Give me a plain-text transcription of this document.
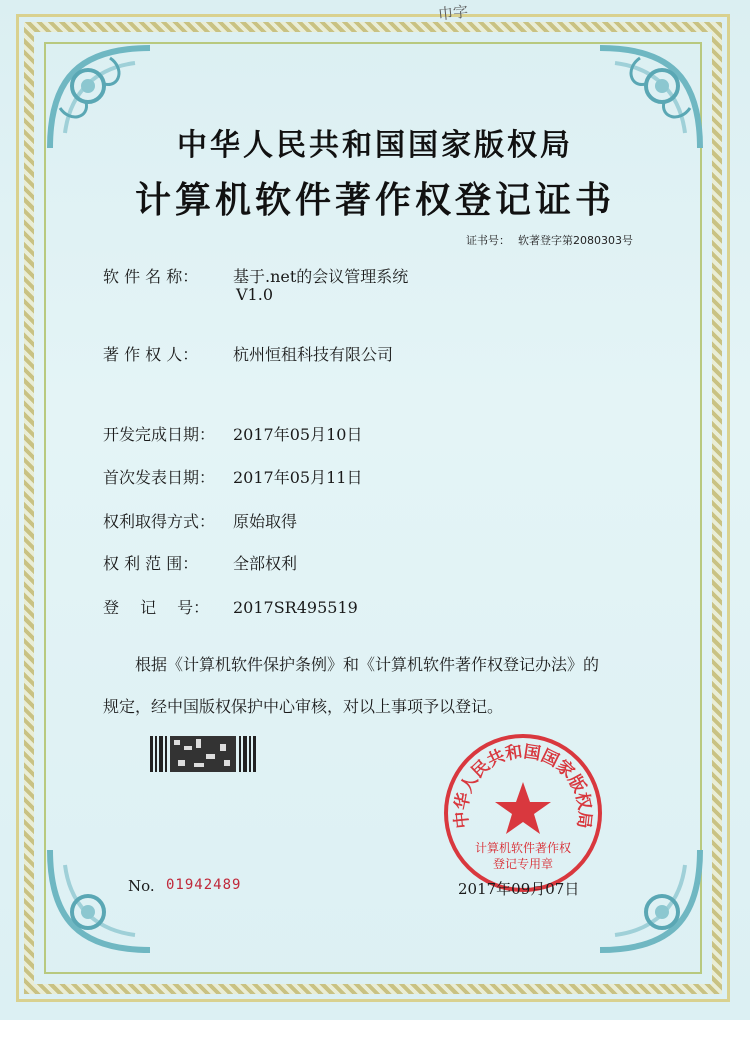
巾字
中华人民共和国国家版权局
计算机软件著作权登记证书
证书号： 软著登字第2080303号
软 件 名 称： 基于.net的会议管理系统
V1.0
著 作 权 人： 杭州恒租科技有限公司
开发完成日期： 2017年05月10日
首次发表日期： 2017年05月11日
权利取得方式： 原始取得
权 利 范 围： 全部权利
登　 记 　号： 2017SR495519
　　根据《计算机软件保护条例》和《计算机软件著作权登记办法》的
规定，经中国版权保护中心审核，对以上事项予以登记。
No. 01942489
中华人民共和国国家版权局
计算机软件著作权
登记专用章
2017年09月07日
